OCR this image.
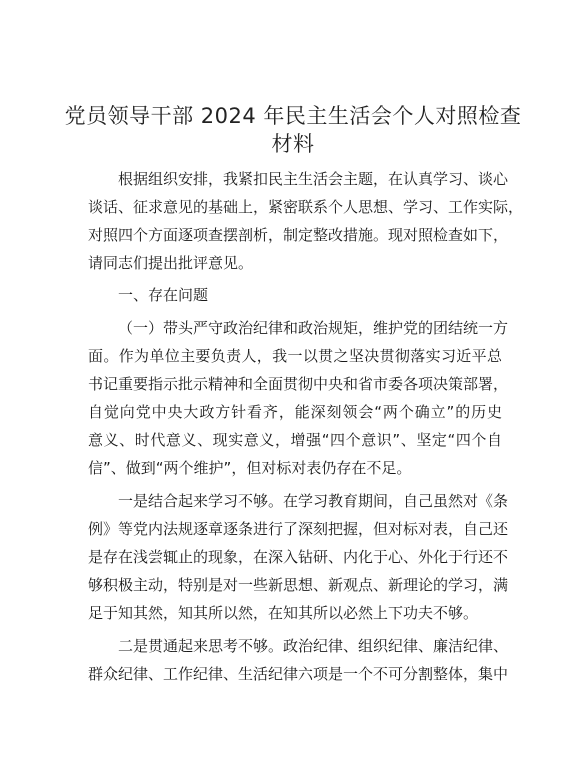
党员领导干部 2024 年民主生活会个人对照检查
材料
根据组织安排，我紧扣民主生活会主题，在认真学习、谈心
谈话、征求意见的基础上，紧密联系个人思想、学习、工作实际，
对照四个方面逐项查摆剖析，制定整改措施。现对照检查如下，
请同志们提出批评意见。
一、存在问题
（一）带头严守政治纪律和政治规矩，维护党的团结统一方
面。作为单位主要负责人，我一以贯之坚决贯彻落实习近平总
书记重要指示批示精神和全面贯彻中央和省市委各项决策部署，
自觉向党中央大政方针看齐，能深刻领会“两个确立”的历史
意义、时代意义、现实意义，增强“四个意识”、坚定“四个自
信”、做到“两个维护”，但对标对表仍存在不足。
一是结合起来学习不够。在学习教育期间，自己虽然对《条
例》等党内法规逐章逐条进行了深刻把握，但对标对表，自己还
是存在浅尝辄止的现象，在深入钻研、内化于心、外化于行还不
够积极主动，特别是对一些新思想、新观点、新理论的学习，满
足于知其然，知其所以然，在知其所以必然上下功夫不够。
二是贯通起来思考不够。政治纪律、组织纪律、廉洁纪律、
群众纪律、工作纪律、生活纪律六项是一个不可分割整体，集中
